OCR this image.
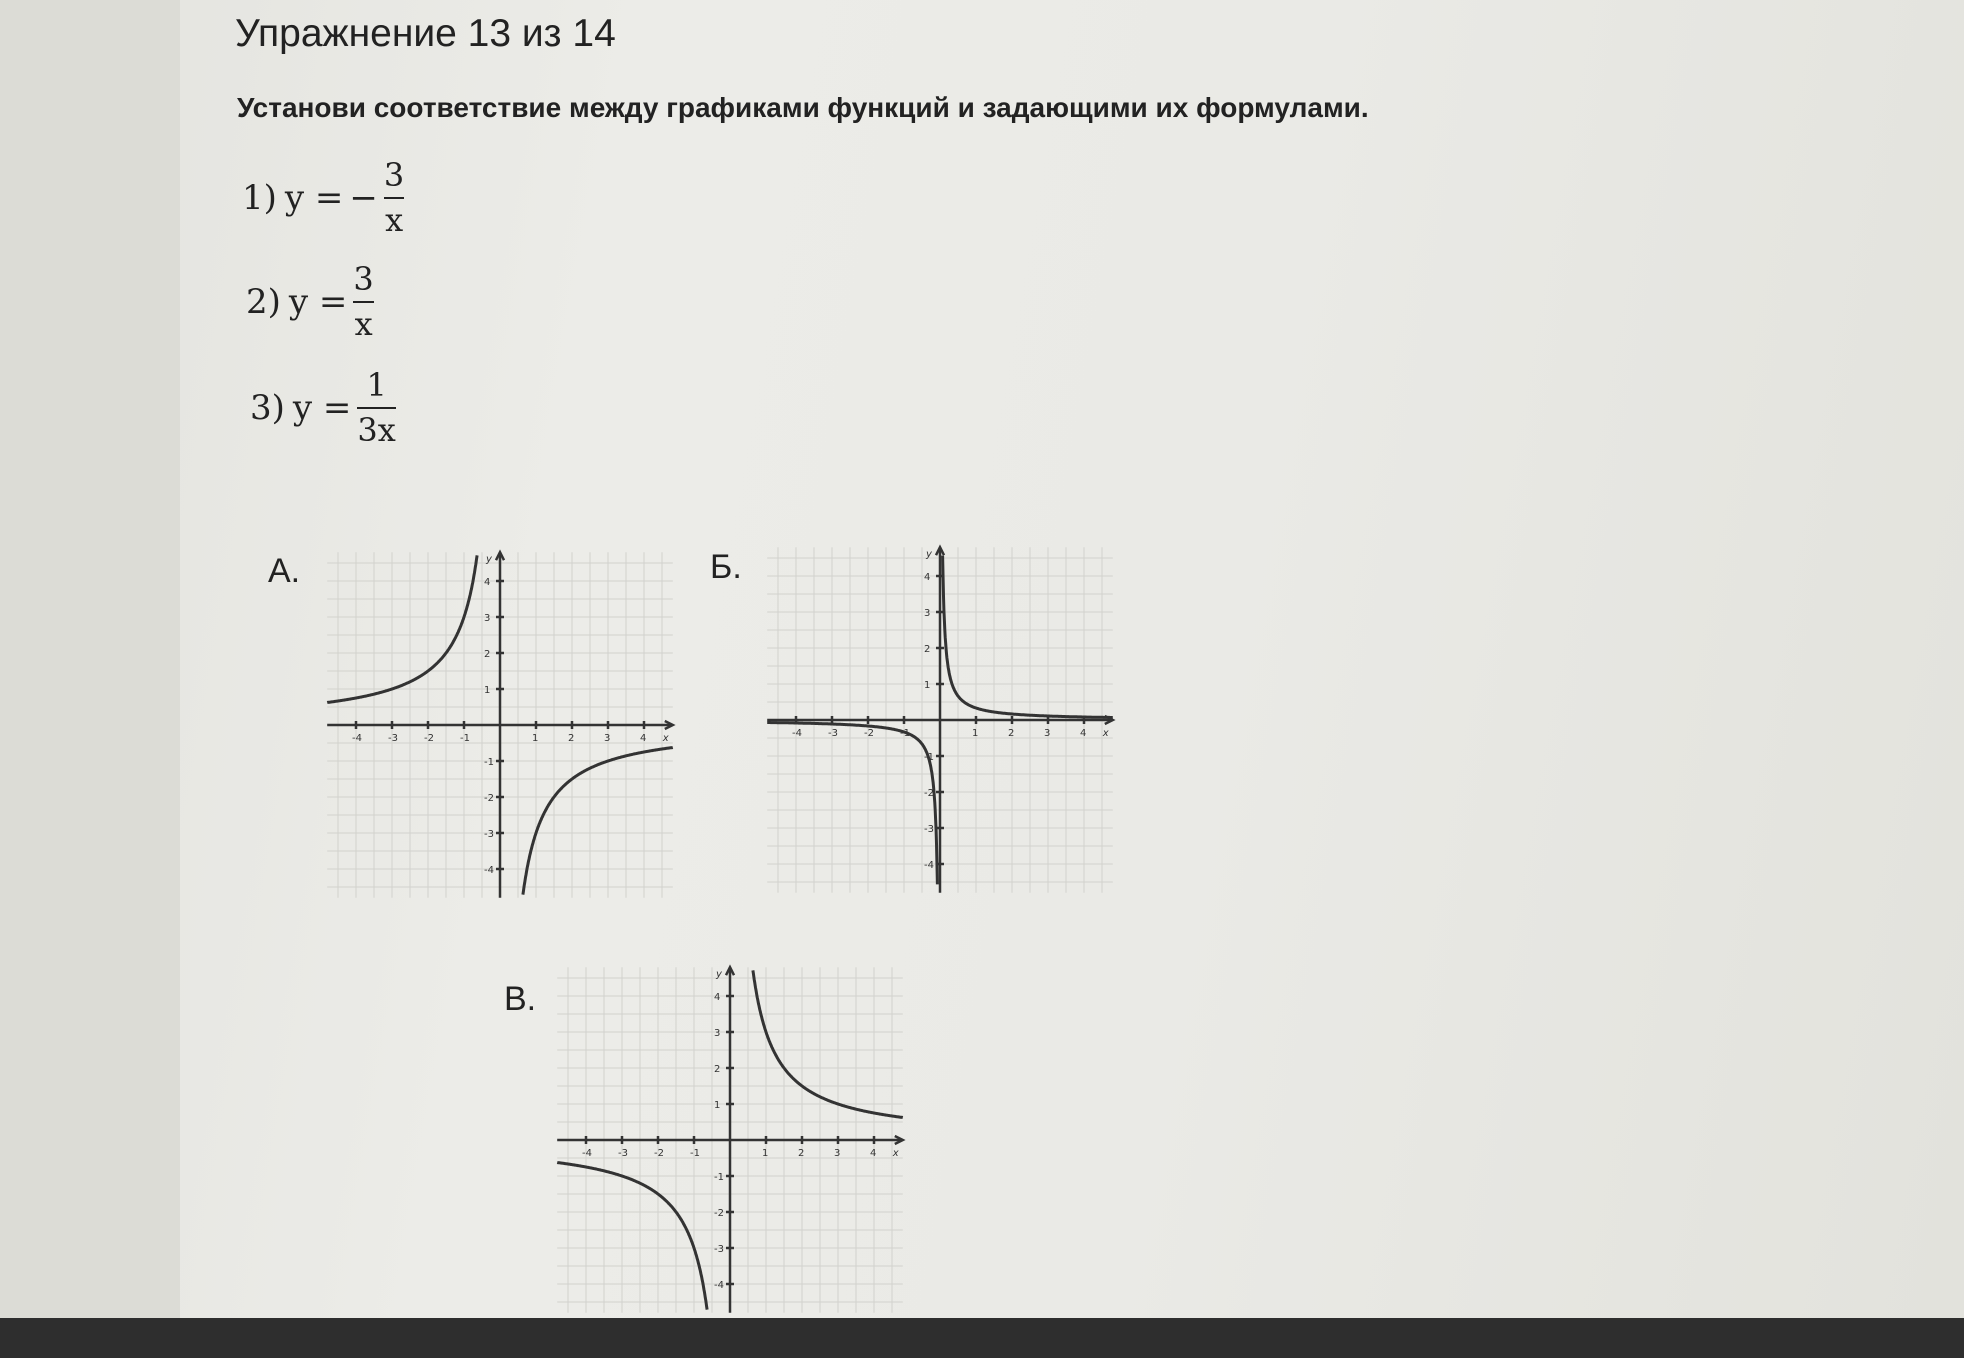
Упражнение 13 из 14
Установи соответствие между графиками функций и задающими их формулами.
1) y = − $\frac{3}{x}$
2) $y = \frac{3}{x}$
3) $y = \frac{1}{3x}$
А.	Б.
В.
-4	-3	-2	-1	1	2	3	4
4
3
2
1
-1
-2
-3
-4
x
y
-4	-3	-2	-1	1	2	3	4
4
3
2
1
-1
-2
-3
-4
x
y
-4	-3	-2	-1	1	2	3	4
4
3
2
1
-1
-2
-3
-4
x
y
